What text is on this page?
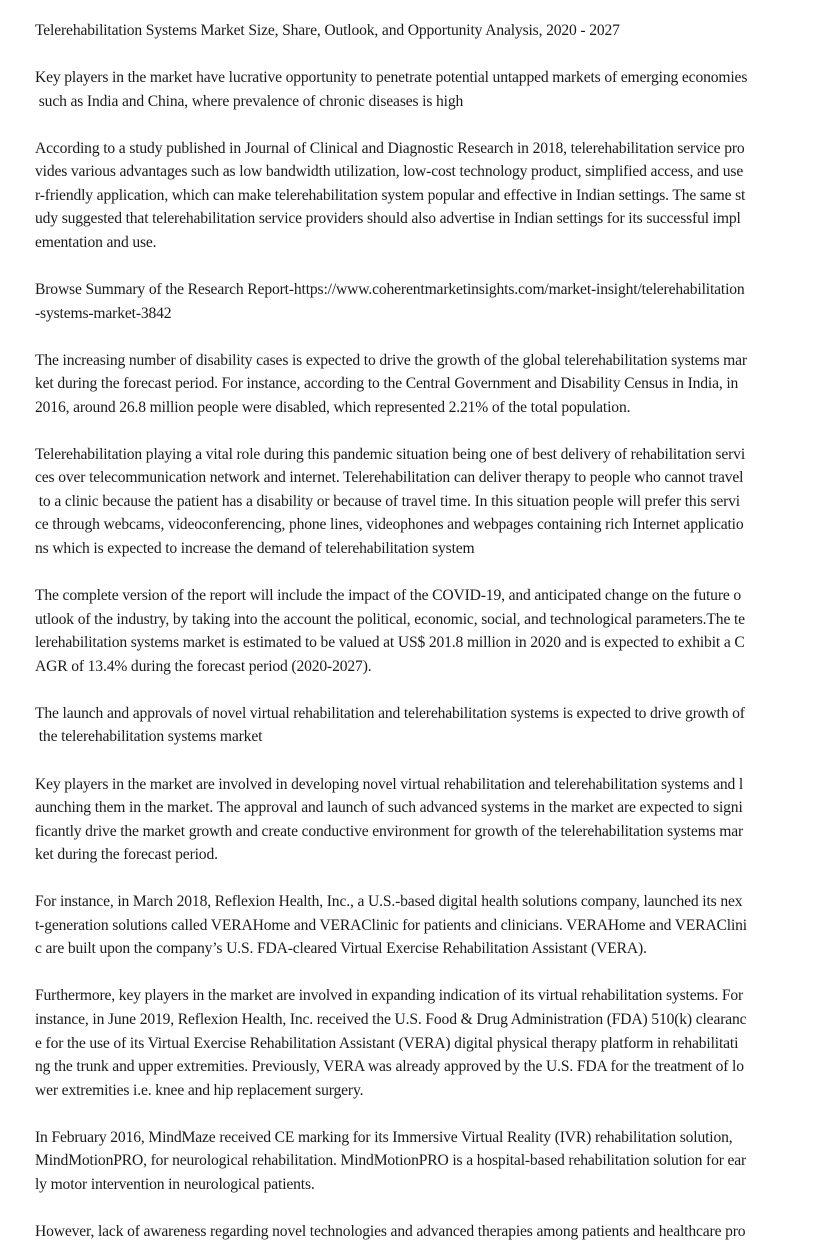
Telerehabilitation Systems Market Size, Share, Outlook, and Opportunity Analysis, 2020 - 2027
Key players in the market have lucrative opportunity to penetrate potential untapped markets of emerging economies
such as India and China, where prevalence of chronic diseases is high
According to a study published in Journal of Clinical and Diagnostic Research in 2018, telerehabilitation service pro
vides various advantages such as low bandwidth utilization, low-cost technology product, simplified access, and use
r-friendly application, which can make telerehabilitation system popular and effective in Indian settings. The same st
udy suggested that telerehabilitation service providers should also advertise in Indian settings for its successful impl
ementation and use.
Browse Summary of the Research Report-https://www.coherentmarketinsights.com/market-insight/telerehabilitation
-systems-market-3842
The increasing number of disability cases is expected to drive the growth of the global telerehabilitation systems mar
ket during the forecast period. For instance, according to the Central Government and Disability Census in India, in
2016, around 26.8 million people were disabled, which represented 2.21% of the total population.
Telerehabilitation playing a vital role during this pandemic situation being one of best delivery of rehabilitation servi
ces over telecommunication network and internet. Telerehabilitation can deliver therapy to people who cannot travel
to a clinic because the patient has a disability or because of travel time. In this situation people will prefer this servi
ce through webcams, videoconferencing, phone lines, videophones and webpages containing rich Internet applicatio
ns which is expected to increase the demand of telerehabilitation system
The complete version of the report will include the impact of the COVID-19, and anticipated change on the future o
utlook of the industry, by taking into the account the political, economic, social, and technological parameters.The te
lerehabilitation systems market is estimated to be valued at US$ 201.8 million in 2020 and is expected to exhibit a C
AGR of 13.4% during the forecast period (2020-2027).
The launch and approvals of novel virtual rehabilitation and telerehabilitation systems is expected to drive growth of
the telerehabilitation systems market
Key players in the market are involved in developing novel virtual rehabilitation and telerehabilitation systems and l
aunching them in the market. The approval and launch of such advanced systems in the market are expected to signi
ficantly drive the market growth and create conductive environment for growth of the telerehabilitation systems mar
ket during the forecast period.
For instance, in March 2018, Reflexion Health, Inc., a U.S.-based digital health solutions company, launched its nex
t-generation solutions called VERAHome and VERAClinic for patients and clinicians. VERAHome and VERAClini
c are built upon the company’s U.S. FDA-cleared Virtual Exercise Rehabilitation Assistant (VERA).
Furthermore, key players in the market are involved in expanding indication of its virtual rehabilitation systems. For
instance, in June 2019, Reflexion Health, Inc. received the U.S. Food & Drug Administration (FDA) 510(k) clearanc
e for the use of its Virtual Exercise Rehabilitation Assistant (VERA) digital physical therapy platform in rehabilitati
ng the trunk and upper extremities. Previously, VERA was already approved by the U.S. FDA for the treatment of lo
wer extremities i.e. knee and hip replacement surgery.
In February 2016, MindMaze received CE marking for its Immersive Virtual Reality (IVR) rehabilitation solution,
MindMotionPRO, for neurological rehabilitation. MindMotionPRO is a hospital-based rehabilitation solution for ear
ly motor intervention in neurological patients.
However, lack of awareness regarding novel technologies and advanced therapies among patients and healthcare pro
